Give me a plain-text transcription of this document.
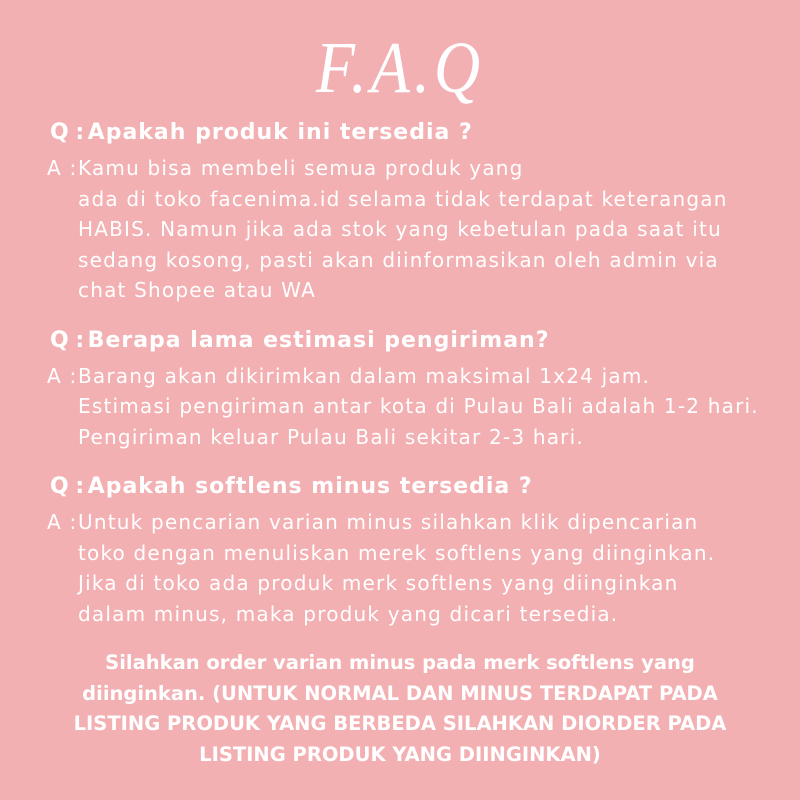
F.A.Q
Q : Apakah produk ini tersedia ?
A : Kamu bisa membeli semua produk yang
ada di toko facenima.id selama tidak terdapat keterangan
HABIS. Namun jika ada stok yang kebetulan pada saat itu
sedang kosong, pasti akan diinformasikan oleh admin via
chat Shopee atau WA
Q : Berapa lama estimasi pengiriman?
A : Barang akan dikirimkan dalam maksimal 1x24 jam.
Estimasi pengiriman antar kota di Pulau Bali adalah 1-2 hari.
Pengiriman keluar Pulau Bali sekitar 2-3 hari.
Q : Apakah softlens minus tersedia ?
A : Untuk pencarian varian minus silahkan klik dipencarian
toko dengan menuliskan merek softlens yang diinginkan.
Jika di toko ada produk merk softlens yang diinginkan
dalam minus, maka produk yang dicari tersedia.
Silahkan order varian minus pada merk softlens yang
diinginkan. (UNTUK NORMAL DAN MINUS TERDAPAT PADA
LISTING PRODUK YANG BERBEDA SILAHKAN DIORDER PADA
LISTING PRODUK YANG DIINGINKAN)
